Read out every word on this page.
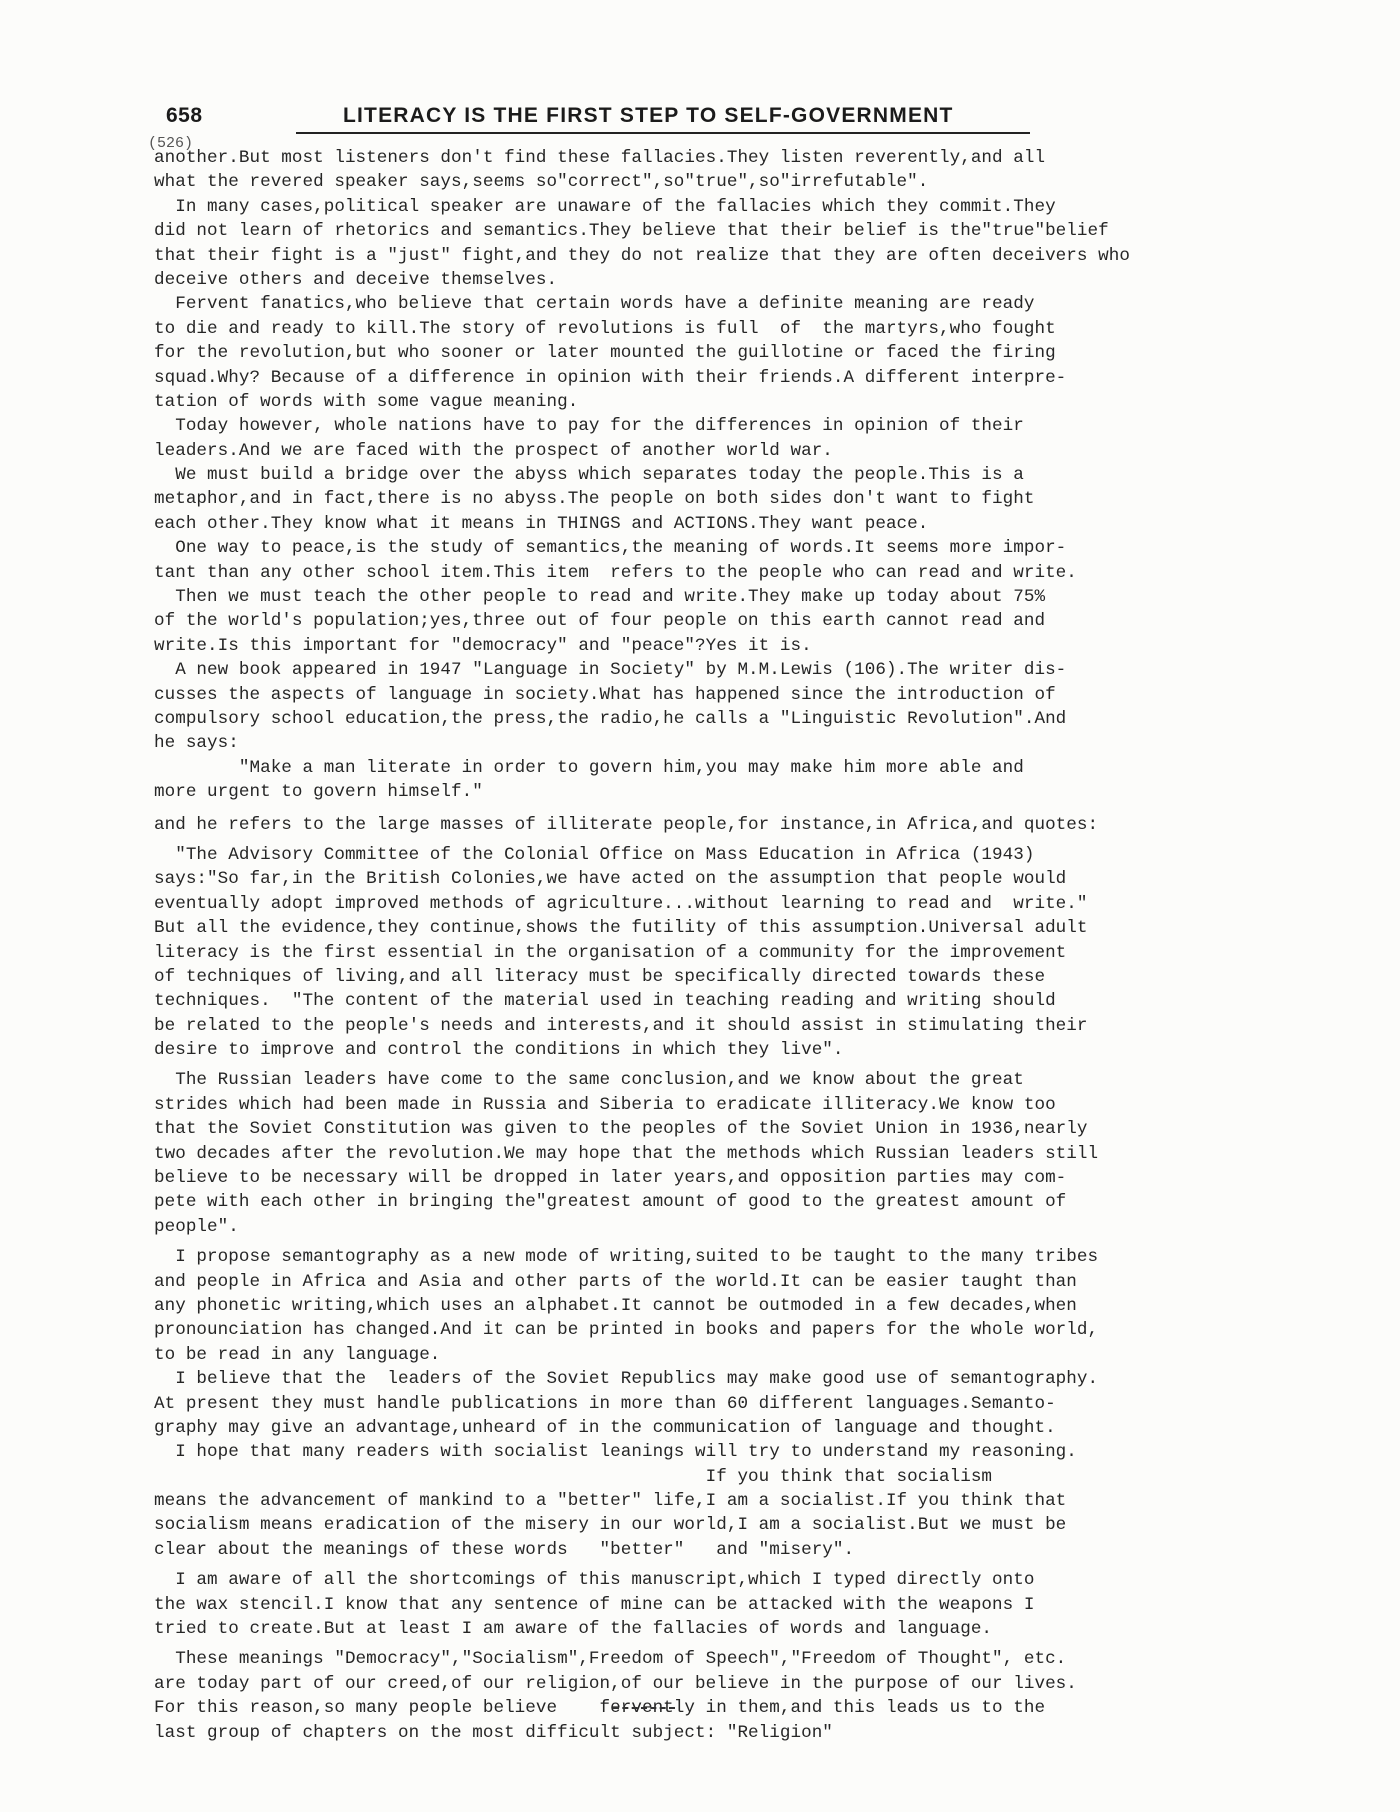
658	LITERACY IS THE FIRST STEP TO SELF-GOVERNMENT
(526)
another.But most listeners don't find these fallacies.They listen reverently,and all
what the revered speaker says,seems so"correct",so"true",so"irrefutable".
In many cases,political speaker are unaware of the fallacies which they commit.They
did not learn of rhetorics and semantics.They believe that their belief is the"true"belief
that their fight is a "just" fight,and they do not realize that they are often deceivers who
deceive others and deceive themselves.
Fervent fanatics,who believe that certain words have a definite meaning are ready
to die and ready to kill.The story of revolutions is full  of  the martyrs,who fought
for the revolution,but who sooner or later mounted the guillotine or faced the firing
squad.Why? Because of a difference in opinion with their friends.A different interpre-
tation of words with some vague meaning.
Today however, whole nations have to pay for the differences in opinion of their
leaders.And we are faced with the prospect of another world war.
We must build a bridge over the abyss which separates today the people.This is a
metaphor,and in fact,there is no abyss.The people on both sides don't want to fight
each other.They know what it means in THINGS and ACTIONS.They want peace.
One way to peace,is the study of semantics,the meaning of words.It seems more impor-
tant than any other school item.This item  refers to the people who can read and write.
Then we must teach the other people to read and write.They make up today about 75%
of the world's population;yes,three out of four people on this earth cannot read and
write.Is this important for "democracy" and "peace"?Yes it is.
A new book appeared in 1947 "Language in Society" by M.M.Lewis (106).The writer dis-
cusses the aspects of language in society.What has happened since the introduction of
compulsory school education,the press,the radio,he calls a "Linguistic Revolution".And
he says:
"Make a man literate in order to govern him,you may make him more able and
more urgent to govern himself."
and he refers to the large masses of illiterate people,for instance,in Africa,and quotes:
"The Advisory Committee of the Colonial Office on Mass Education in Africa (1943)
says:"So far,in the British Colonies,we have acted on the assumption that people would
eventually adopt improved methods of agriculture...without learning to read and  write."
But all the evidence,they continue,shows the futility of this assumption.Universal adult
literacy is the first essential in the organisation of a community for the improvement
of techniques of living,and all literacy must be specifically directed towards these
techniques.  "The content of the material used in teaching reading and writing should
be related to the people's needs and interests,and it should assist in stimulating their
desire to improve and control the conditions in which they live".
The Russian leaders have come to the same conclusion,and we know about the great
strides which had been made in Russia and Siberia to eradicate illiteracy.We know too
that the Soviet Constitution was given to the peoples of the Soviet Union in 1936,nearly
two decades after the revolution.We may hope that the methods which Russian leaders still
believe to be necessary will be dropped in later years,and opposition parties may com-
pete with each other in bringing the"greatest amount of good to the greatest amount of
people".
I propose semantography as a new mode of writing,suited to be taught to the many tribes
and people in Africa and Asia and other parts of the world.It can be easier taught than
any phonetic writing,which uses an alphabet.It cannot be outmoded in a few decades,when
pronounciation has changed.And it can be printed in books and papers for the whole world,
to be read in any language.
I believe that the  leaders of the Soviet Republics may make good use of semantography.
At present they must handle publications in more than 60 different languages.Semanto-
graphy may give an advantage,unheard of in the communication of language and thought.
I hope that many readers with socialist leanings will try to understand my reasoning.
If you think that socialism
means the advancement of mankind to a "better" life,I am a socialist.If you think that
socialism means eradication of the misery in our world,I am a socialist.But we must be
clear about the meanings of these words   "better"   and "misery".
I am aware of all the shortcomings of this manuscript,which I typed directly onto
the wax stencil.I know that any sentence of mine can be attacked with the weapons I
tried to create.But at least I am aware of the fallacies of words and language.
These meanings "Democracy","Socialism",Freedom of Speech","Freedom of Thought", etc.
are today part of our creed,of our religion,of our believe in the purpose of our lives.
For this reason,so many people believe    fervently in them,and this leads us to the
last group of chapters on the most difficult subject: "Religion"
